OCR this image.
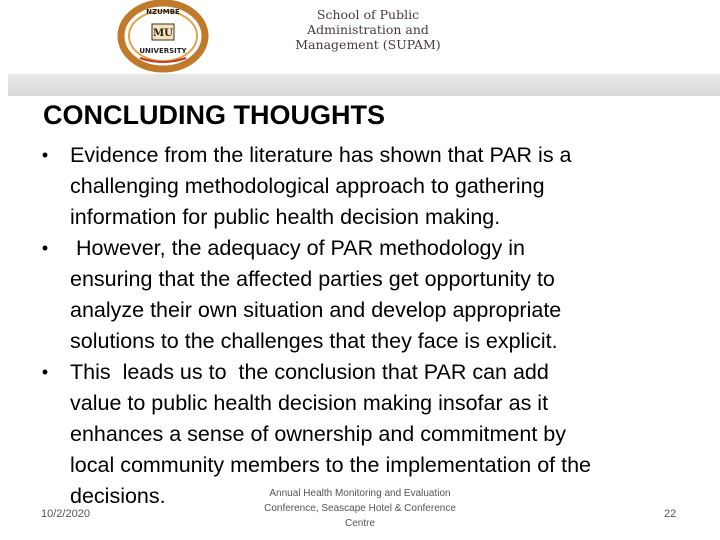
NZUMBE
MU
UNIVERSITY
School of Public
Administration and
Management (SUPAM)
CONCLUDING THOUGHTS
•	Evidence from the literature has shown that PAR is a
challenging methodological approach to gathering
information for public health decision making.
•	However, the adequacy of PAR methodology in
ensuring that the affected parties get opportunity to
analyze their own situation and develop appropriate
solutions to the challenges that they face is explicit.
•	This  leads us to  the conclusion that PAR can add
value to public health decision making insofar as it
enhances a sense of ownership and commitment by
local community members to the implementation of the
decisions.
10/2/2020
Annual Health Monitoring and Evaluation
Conference, Seascape Hotel & Conference
Centre
22
